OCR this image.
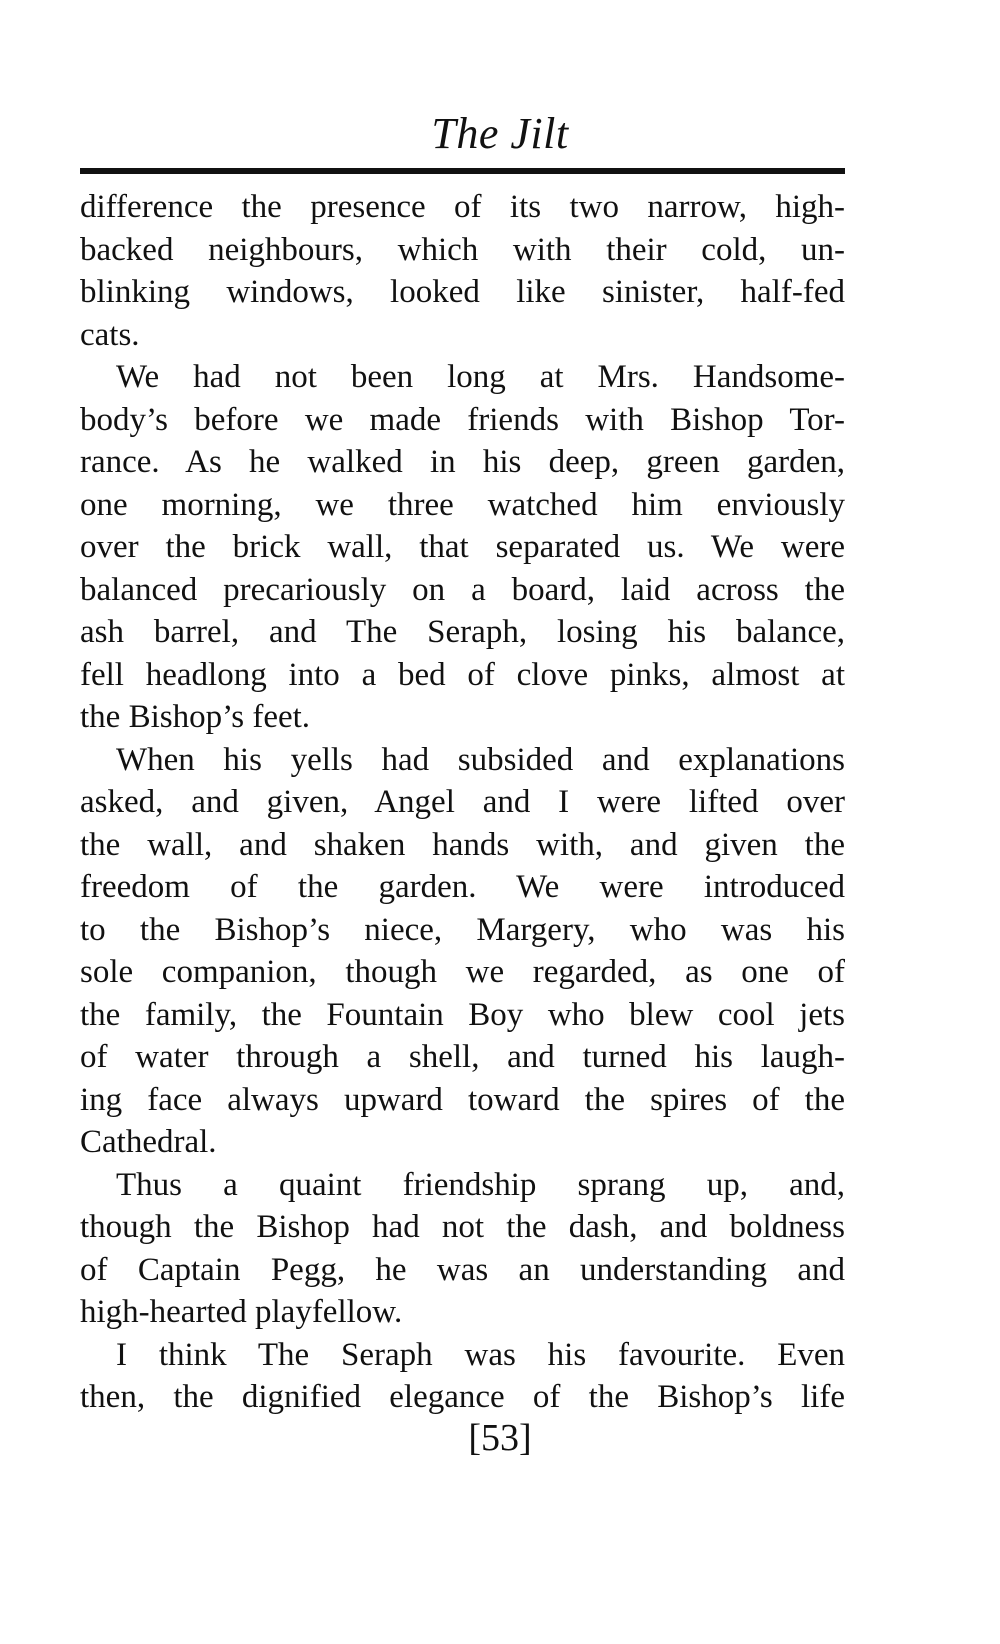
The Jilt
difference the presence of its two narrow, high-
backed neighbours, which with their cold, un-
blinking windows, looked like sinister, half-fed
cats.
We had not been long at Mrs. Handsome-
body’s before we made friends with Bishop Tor-
rance. As he walked in his deep, green garden,
one morning, we three watched him enviously
over the brick wall, that separated us. We were
balanced precariously on a board, laid across the
ash barrel, and The Seraph, losing his balance,
fell headlong into a bed of clove pinks, almost at
the Bishop’s feet.
When his yells had subsided and explanations
asked, and given, Angel and I were lifted over
the wall, and shaken hands with, and given the
freedom of the garden. We were introduced
to the Bishop’s niece, Margery, who was his
sole companion, though we regarded, as one of
the family, the Fountain Boy who blew cool jets
of water through a shell, and turned his laugh-
ing face always upward toward the spires of the
Cathedral.
Thus a quaint friendship sprang up, and,
though the Bishop had not the dash, and boldness
of Captain Pegg, he was an understanding and
high-hearted playfellow.
I think The Seraph was his favourite. Even
then, the dignified elegance of the Bishop’s life
[53]
